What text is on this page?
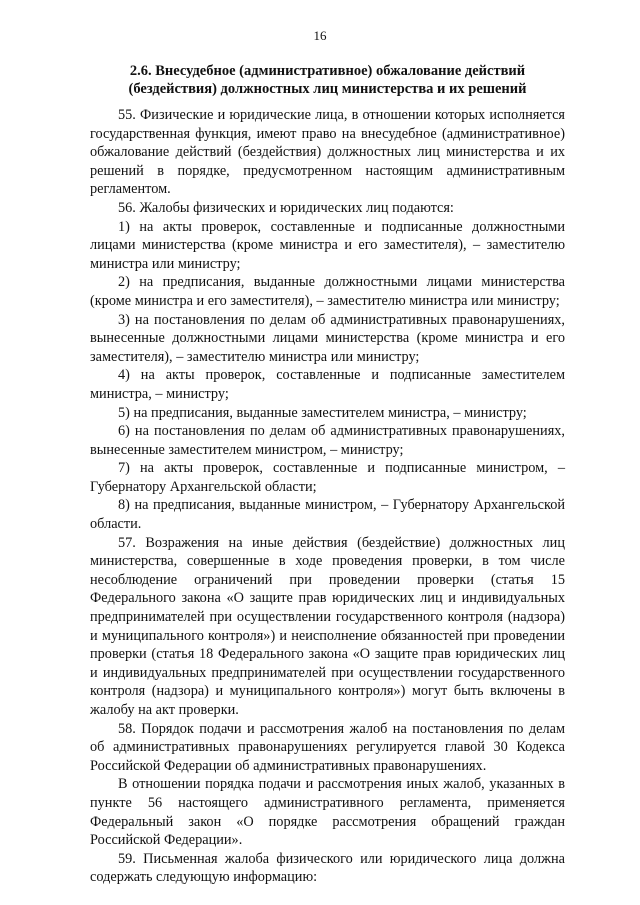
16
2.6. Внесудебное (административное) обжалование действий
(бездействия) должностных лиц министерства и их решений

55. Физические и юридические лица, в отношении которых исполняется государственная функция, имеют право на внесудебное (административное) обжалование действий (бездействия) должностных лиц министерства и их решений в порядке, предусмотренном настоящим административным регламентом.

56. Жалобы физических и юридических лиц подаются:

1) на акты проверок, составленные и подписанные должностными лицами министерства (кроме министра и его заместителя), – заместителю министра или министру;

2) на предписания, выданные должностными лицами министерства (кроме министра и его заместителя), – заместителю министра или министру;

3) на постановления по делам об административных правонарушениях, вынесенные должностными лицами министерства (кроме министра и его заместителя), – заместителю министра или министру;

4) на акты проверок, составленные и подписанные заместителем министра, – министру;

5) на предписания, выданные заместителем министра, – министру;

6) на постановления по делам об административных правонарушениях, вынесенные заместителем министром, – министру;

7) на акты проверок, составленные и подписанные министром, – Губернатору Архангельской области;

8) на предписания, выданные министром, – Губернатору Архангельской области.

57. Возражения на иные действия (бездействие) должностных лиц министерства, совершенные в ходе проведения проверки, в том числе несоблюдение ограничений при проведении проверки (статья 15 Федерального закона «О защите прав юридических лиц и индивидуальных предпринимателей при осуществлении государственного контроля (надзора) и муниципального контроля») и неисполнение обязанностей при проведении проверки (статья 18 Федерального закона «О защите прав юридических лиц и индивидуальных предпринимателей при осуществлении государственного контроля (надзора) и муниципального контроля») могут быть включены в жалобу на акт проверки.

58. Порядок подачи и рассмотрения жалоб на постановления по делам об административных правонарушениях регулируется главой 30 Кодекса Российской Федерации об административных правонарушениях.

В отношении порядка подачи и рассмотрения иных жалоб, указанных в пункте 56 настоящего административного регламента, применяется Федеральный закон «О порядке рассмотрения обращений граждан Российской Федерации».

59. Письменная жалоба физического или юридического лица должна содержать следующую информацию:
